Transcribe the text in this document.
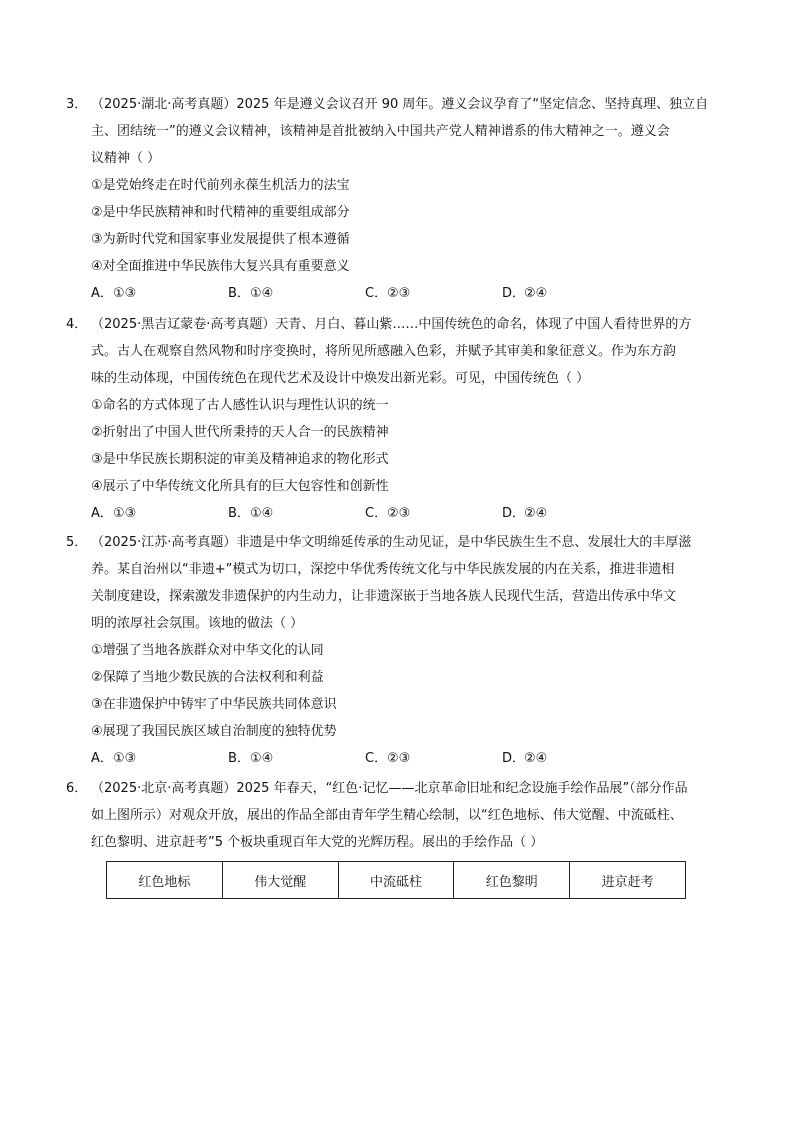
3． （2025·湖北·高考真题）2025 年是遵义会议召开 90 周年。遵义会议孕育了“坚定信念、坚持真理、独立自
主、团结统一”的遵义会议精神，该精神是首批被纳入中国共产党人精神谱系的伟大精神之一。遵义会
议精神（ ）
①是党始终走在时代前列永葆生机活力的法宝
②是中华民族精神和时代精神的重要组成部分
③为新时代党和国家事业发展提供了根本遵循
④对全面推进中华民族伟大复兴具有重要意义
A．①③	B．①④	C．②③	D．②④
4． （2025·黑吉辽蒙卷·高考真题）天青、月白、暮山紫……中国传统色的命名，体现了中国人看待世界的方
式。古人在观察自然风物和时序变换时，将所见所感融入色彩，并赋予其审美和象征意义。作为东方韵
味的生动体现，中国传统色在现代艺术及设计中焕发出新光彩。可见，中国传统色（ ）
①命名的方式体现了古人感性认识与理性认识的统一
②折射出了中国人世代所秉持的天人合一的民族精神
③是中华民族长期积淀的审美及精神追求的物化形式
④展示了中华传统文化所具有的巨大包容性和创新性
A．①③	B．①④	C．②③	D．②④
5． （2025·江苏·高考真题）非遗是中华文明绵延传承的生动见证，是中华民族生生不息、发展壮大的丰厚滋
养。某自治州以“非遗+”模式为切口，深挖中华优秀传统文化与中华民族发展的内在关系，推进非遗相
关制度建设，探索激发非遗保护的内生动力，让非遗深嵌于当地各族人民现代生活，营造出传承中华文
明的浓厚社会氛围。该地的做法（ ）
①增强了当地各族群众对中华文化的认同
②保障了当地少数民族的合法权利和利益
③在非遗保护中铸牢了中华民族共同体意识
④展现了我国民族区域自治制度的独特优势
A．①③	B．①④	C．②③	D．②④
6． （2025·北京·高考真题）2025 年春天，“红色·记忆——北京革命旧址和纪念设施手绘作品展”（部分作品
如上图所示）对观众开放，展出的作品全部由青年学生精心绘制，以“红色地标、伟大觉醒、中流砥柱、
红色黎明、进京赶考”5 个板块重现百年大党的光辉历程。展出的手绘作品（ ）
红色地标	伟大觉醒	中流砥柱	红色黎明	进京赶考
